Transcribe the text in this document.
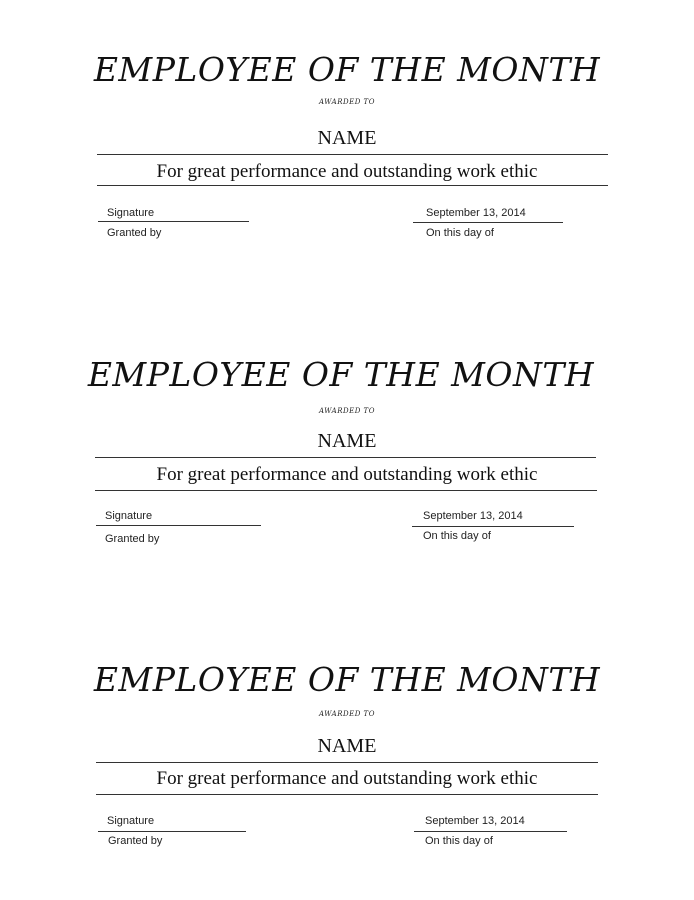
EMPLOYEE OF THE MONTH
AWARDED TO
NAME
For great performance and outstanding work ethic
Signature
Granted by
September 13, 2014
On this day of
EMPLOYEE OF THE MONTH
AWARDED TO
NAME
For great performance and outstanding work ethic
Signature
Granted by
September 13, 2014
On this day of
EMPLOYEE OF THE MONTH
AWARDED TO
NAME
For great performance and outstanding work ethic
Signature
Granted by
September 13, 2014
On this day of
